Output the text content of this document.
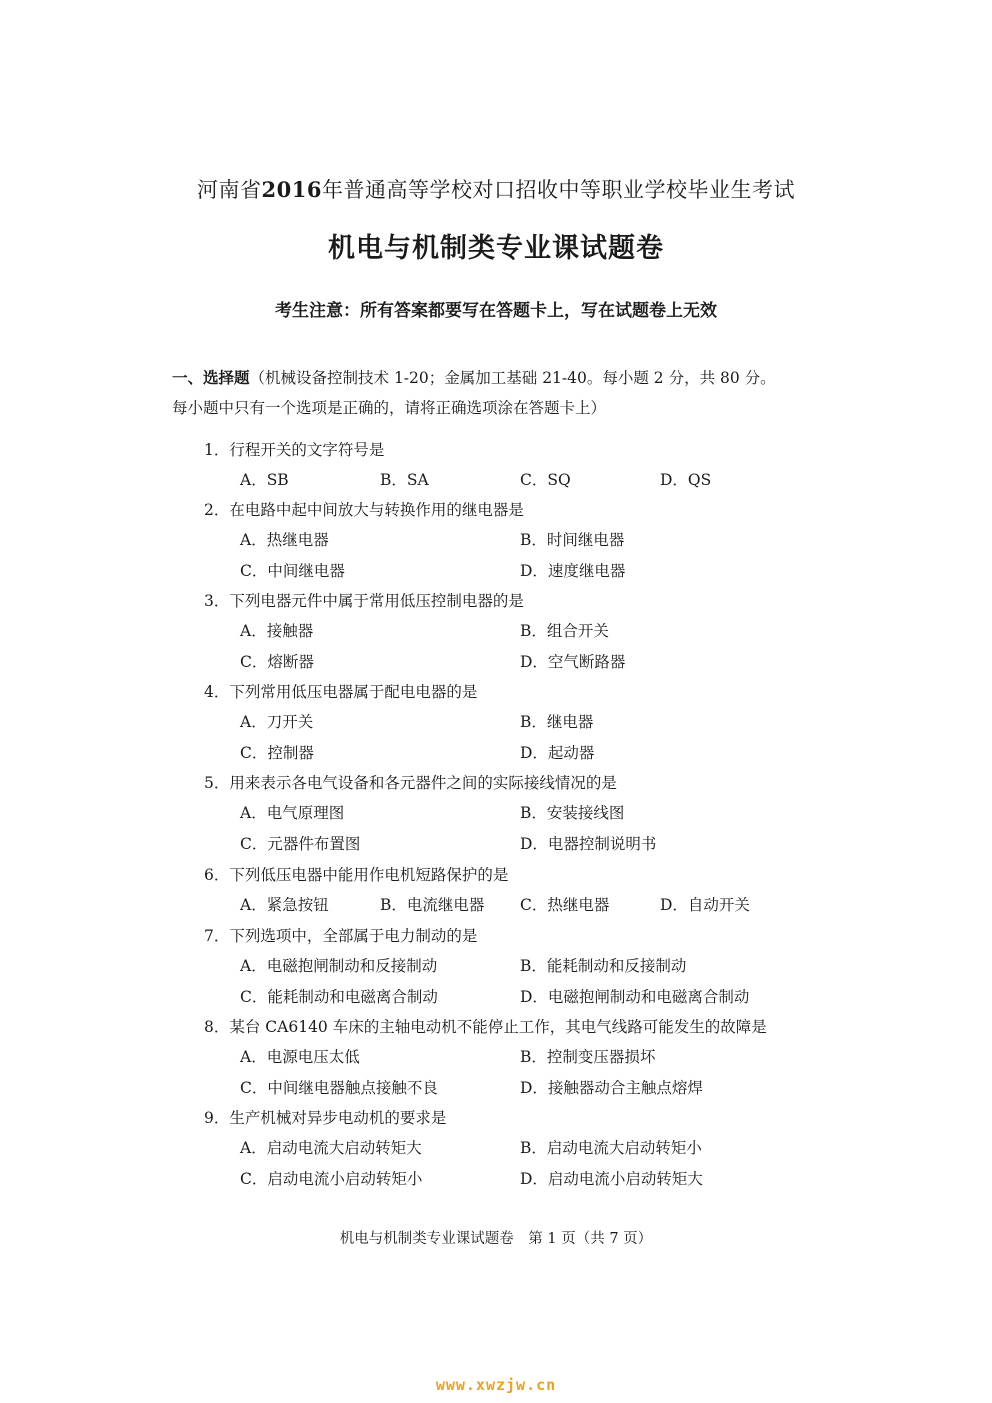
河南省2016年普通高等学校对口招收中等职业学校毕业生考试
机电与机制类专业课试题卷
考生注意：所有答案都要写在答题卡上，写在试题卷上无效
一、选择题（机械设备控制技术 1-20；金属加工基础 21-40。每小题 2 分，共 80 分。
每小题中只有一个选项是正确的，请将正确选项涂在答题卡上）
1．行程开关的文字符号是
A．SB	B．SA	C．SQ	D．QS
2．在电路中起中间放大与转换作用的继电器是
A．热继电器	B．时间继电器
C．中间继电器	D．速度继电器
3．下列电器元件中属于常用低压控制电器的是
A．接触器	B．组合开关
C．熔断器	D．空气断路器
4．下列常用低压电器属于配电电器的是
A．刀开关	B．继电器
C．控制器	D．起动器
5．用来表示各电气设备和各元器件之间的实际接线情况的是
A．电气原理图	B．安装接线图
C．元器件布置图	D．电器控制说明书
6．下列低压电器中能用作电机短路保护的是
A．紧急按钮	B．电流继电器 C．热继电器	D．自动开关
7．下列选项中，全部属于电力制动的是
A．电磁抱闸制动和反接制动	B．能耗制动和反接制动
C．能耗制动和电磁离合制动	D．电磁抱闸制动和电磁离合制动
8．某台 CA6140 车床的主轴电动机不能停止工作，其电气线路可能发生的故障是
A．电源电压太低	B．控制变压器损坏
C．中间继电器触点接触不良	D．接触器动合主触点熔焊
9．生产机械对异步电动机的要求是
A．启动电流大启动转矩大	B．启动电流大启动转矩小
C．启动电流小启动转矩小	D．启动电流小启动转矩大
机电与机制类专业课试题卷　第 1 页（共 7 页）
www.xwzjw.cn
